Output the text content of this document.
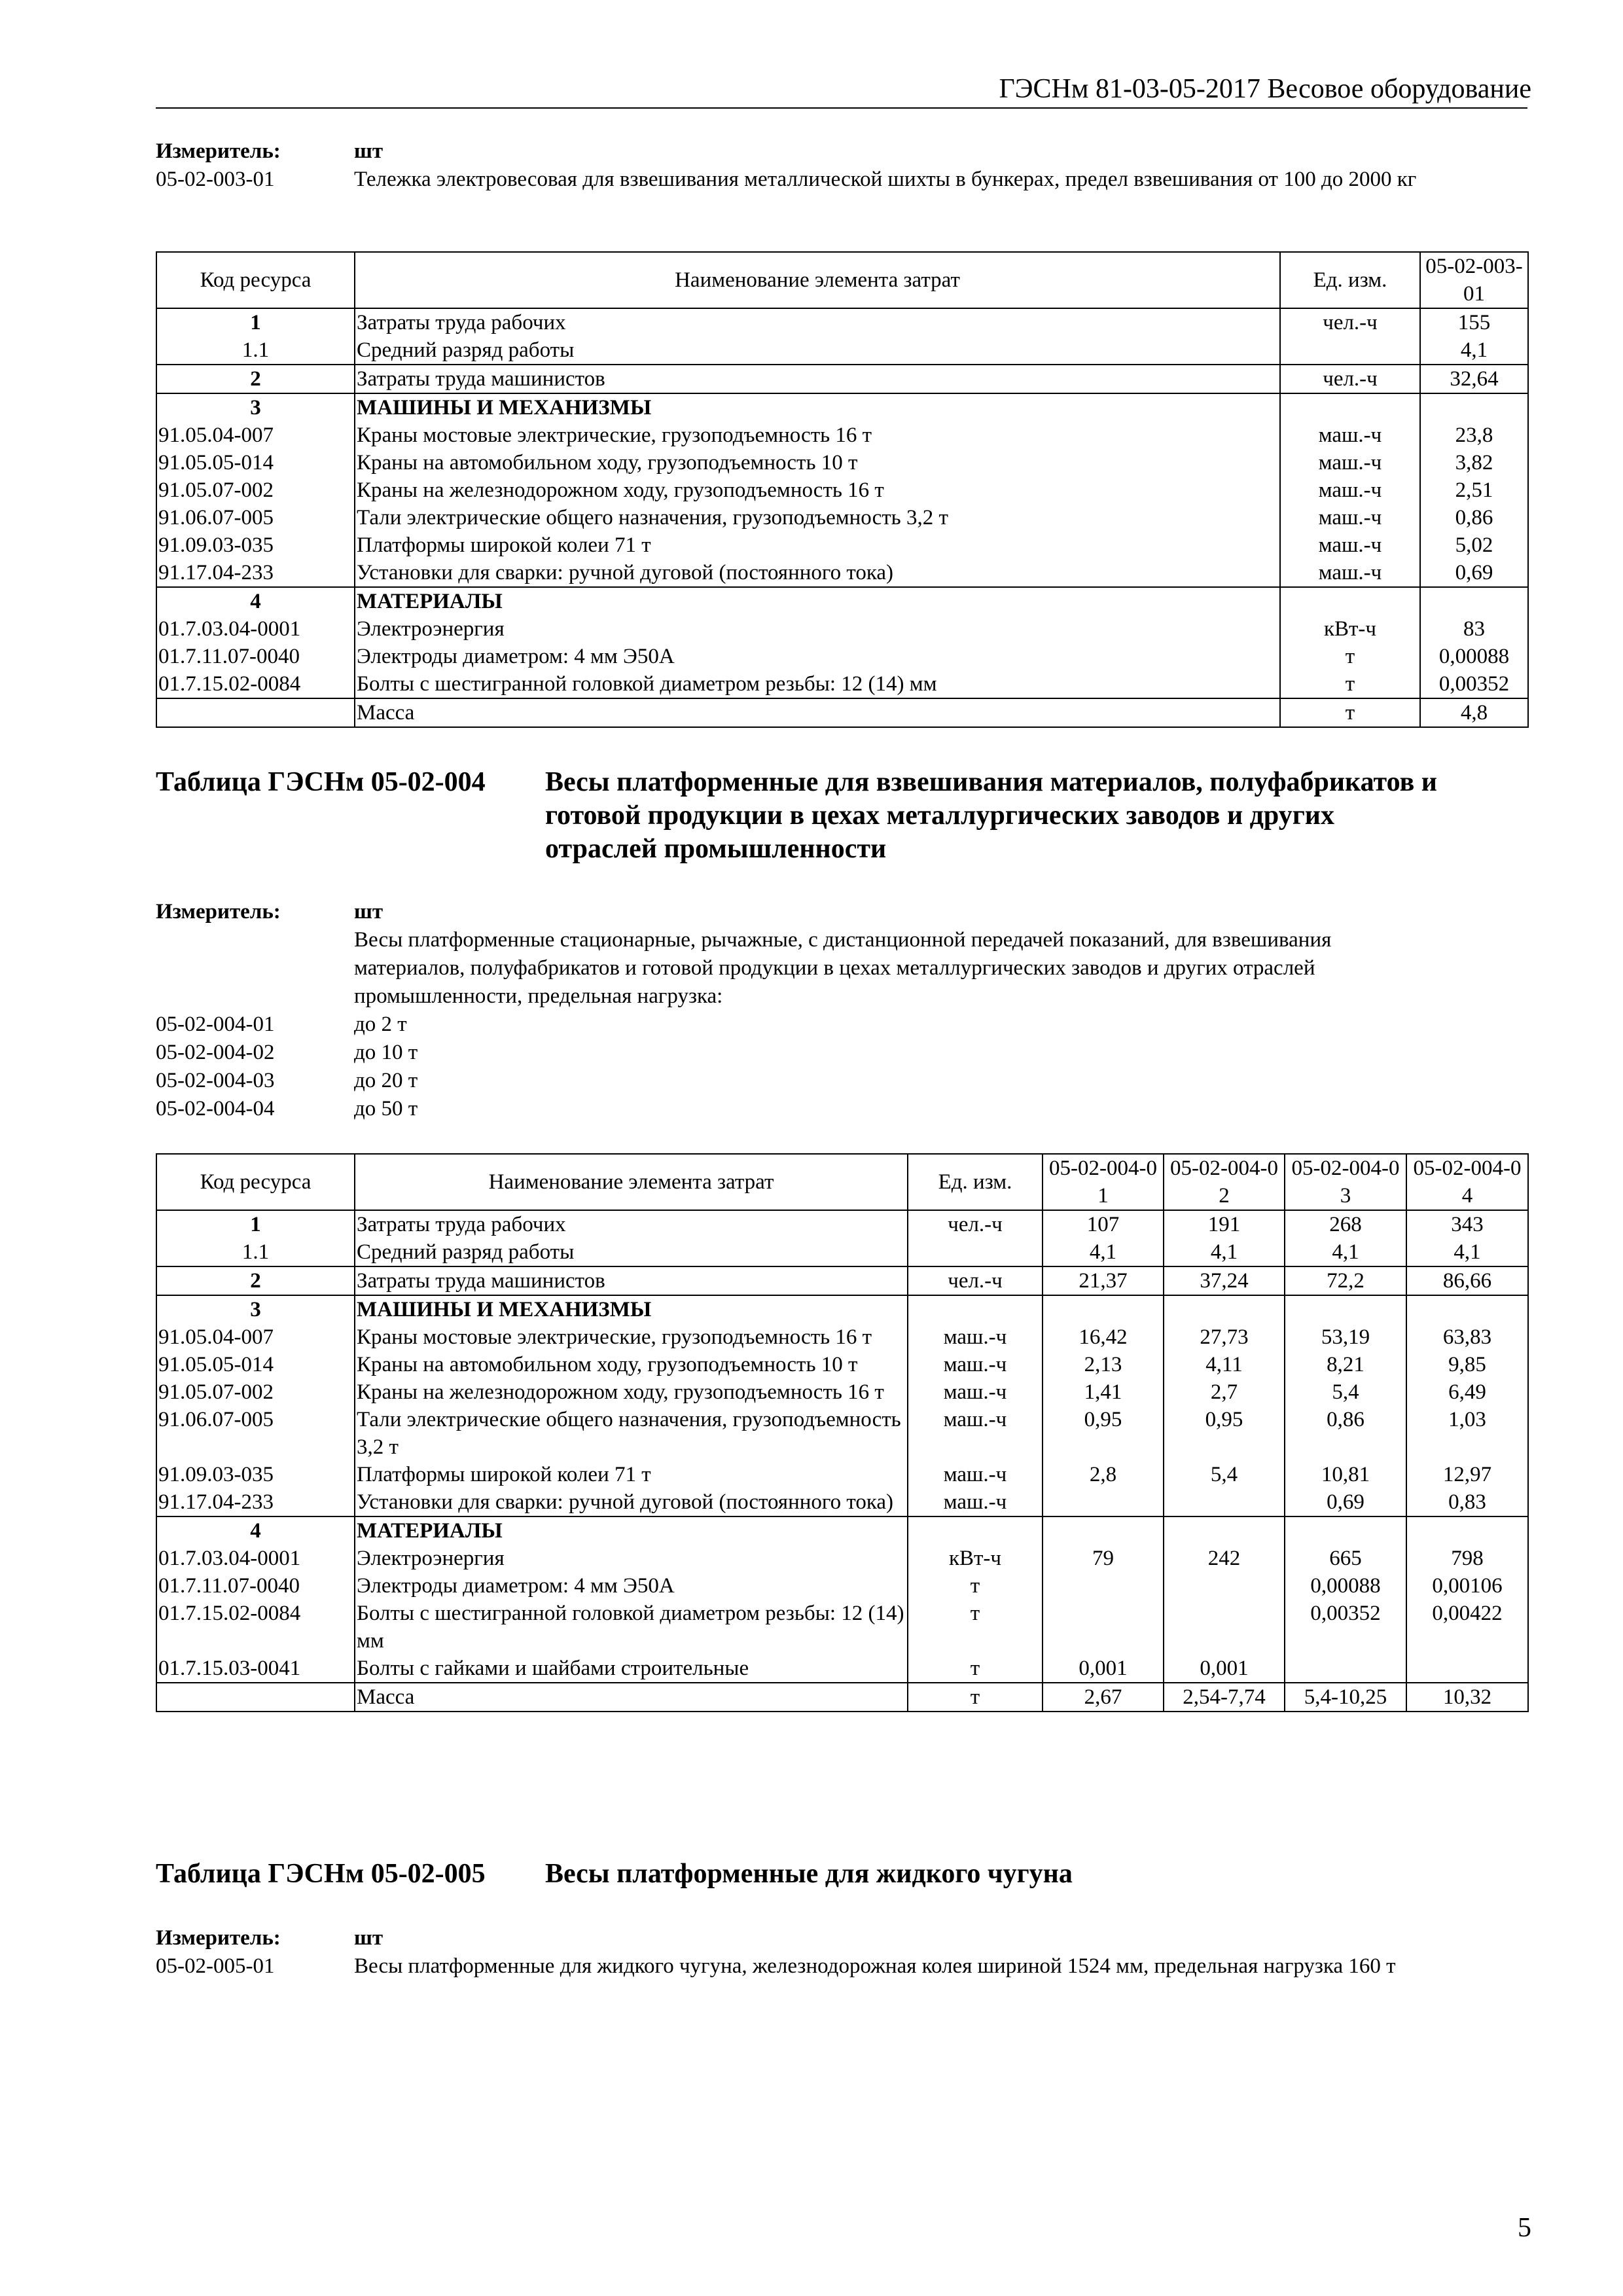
ГЭСНм 81-03-05-2017 Весовое оборудование
Измеритель:	шт
05-02-003-01	Тележка электровесовая для взвешивания металлической шихты в бункерах, предел взвешивания от 100 до 2000 кг
Код ресурса	Наименование элемента затрат	Ед. изм.	05-02-003-01
1	Затраты труда рабочих	чел.-ч	155
1.1	Средний разряд работы		4,1
2	Затраты труда машинистов	чел.-ч	32,64
3	МАШИНЫ И МЕХАНИЗМЫ		
91.05.04-007	Краны мостовые электрические, грузоподъемность 16 т	маш.-ч	23,8
91.05.05-014	Краны на автомобильном ходу, грузоподъемность 10 т	маш.-ч	3,82
91.05.07-002	Краны на железнодорожном ходу, грузоподъемность 16 т	маш.-ч	2,51
91.06.07-005	Тали электрические общего назначения, грузоподъемность 3,2 т	маш.-ч	0,86
91.09.03-035	Платформы широкой колеи 71 т	маш.-ч	5,02
91.17.04-233	Установки для сварки: ручной дуговой (постоянного тока)	маш.-ч	0,69
4	МАТЕРИАЛЫ		
01.7.03.04-0001	Электроэнергия	кВт-ч	83
01.7.11.07-0040	Электроды диаметром: 4 мм Э50А	т	0,00088
01.7.15.02-0084	Болты с шестигранной головкой диаметром резьбы: 12 (14) мм	т	0,00352
	Масса	т	4,8
Таблица ГЭСНм 05-02-004	Весы платформенные для взвешивания материалов, полуфабрикатов и
готовой продукции в цехах металлургических заводов и других
отраслей промышленности
Измеритель:	шт
Весы платформенные стационарные, рычажные, с дистанционной передачей показаний, для взвешивания
материалов, полуфабрикатов и готовой продукции в цехах металлургических заводов и других отраслей
промышленности, предельная нагрузка:
05-02-004-01	до 2 т
05-02-004-02	до 10 т
05-02-004-03	до 20 т
05-02-004-04	до 50 т
Код ресурса	Наименование элемента затрат	Ед. изм.	05-02-004-01	05-02-004-02	05-02-004-03	05-02-004-04
1	Затраты труда рабочих	чел.-ч	107	191	268	343
1.1	Средний разряд работы		4,1	4,1	4,1	4,1
2	Затраты труда машинистов	чел.-ч	21,37	37,24	72,2	86,66
3	МАШИНЫ И МЕХАНИЗМЫ					
91.05.04-007	Краны мостовые электрические, грузоподъемность 16 т	маш.-ч	16,42	27,73	53,19	63,83
91.05.05-014	Краны на автомобильном ходу, грузоподъемность 10 т	маш.-ч	2,13	4,11	8,21	9,85
91.05.07-002	Краны на железнодорожном ходу, грузоподъемность 16 т	маш.-ч	1,41	2,7	5,4	6,49
91.06.07-005	Тали электрические общего назначения, грузоподъемность 3,2 т	маш.-ч	0,95	0,95	0,86	1,03
91.09.03-035	Платформы широкой колеи 71 т	маш.-ч	2,8	5,4	10,81	12,97
91.17.04-233	Установки для сварки: ручной дуговой (постоянного тока)	маш.-ч			0,69	0,83
4	МАТЕРИАЛЫ					
01.7.03.04-0001	Электроэнергия	кВт-ч	79	242	665	798
01.7.11.07-0040	Электроды диаметром: 4 мм Э50А	т			0,00088	0,00106
01.7.15.02-0084	Болты с шестигранной головкой диаметром резьбы: 12 (14) мм	т			0,00352	0,00422
01.7.15.03-0041	Болты с гайками и шайбами строительные	т	0,001	0,001		
	Масса	т	2,67	2,54-7,74	5,4-10,25	10,32
Таблица ГЭСНм 05-02-005	Весы платформенные для жидкого чугуна
Измеритель:	шт
05-02-005-01	Весы платформенные для жидкого чугуна, железнодорожная колея шириной 1524 мм, предельная нагрузка 160 т
5
